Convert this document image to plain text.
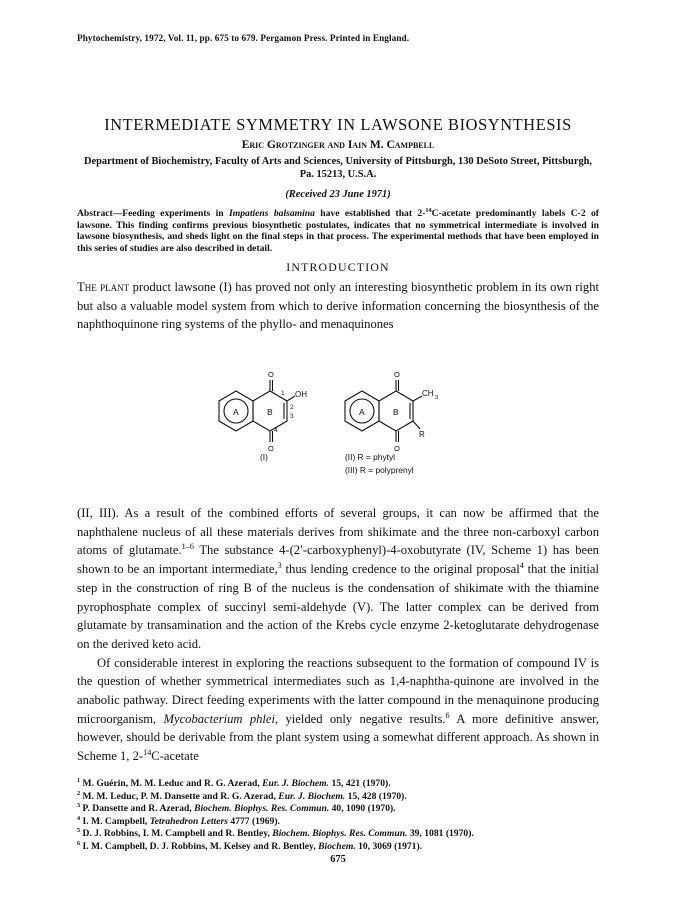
Phytochemistry, 1972, Vol. 11, pp. 675 to 679. Pergamon Press. Printed in England.
INTERMEDIATE SYMMETRY IN LAWSONE BIOSYNTHESIS
Eric Grotzinger and Iain M. Campbell
Department of Biochemistry, Faculty of Arts and Sciences, University of Pittsburgh, 130 DeSoto Street, Pittsburgh, Pa. 15213, U.S.A.
(Received 23 June 1971)
Abstract—Feeding experiments in Impatiens balsamina have established that 2-$^{14}$C-acetate predominantly labels C-2 of lawsone. This finding confirms previous biosynthetic postulates, indicates that no symmetrical intermediate is involved in lawsone biosynthesis, and sheds light on the final steps in that process. The experimental methods that have been employed in this series of studies are also described in detail.
INTRODUCTION
The plant product lawsone (I) has proved not only an interesting biosynthetic problem in its own right but also a valuable model system from which to derive information concerning the biosynthesis of the naphthoquinone ring systems of the phyllo- and menaquinones
A	B
O
O
OH
1
2
3
4
A	B
O
O
CH 3
R
(I)	(II) R = phytyl
(III) R = polyprenyl

(II, III). As a result of the combined efforts of several groups, it can now be affirmed that the naphthalene nucleus of all these materials derives from shikimate and the three non-carboxyl carbon atoms of glutamate.$^{1-6}$ The substance 4-(2′-carboxyphenyl)-4-oxobutyrate (IV, Scheme 1) has been shown to be an important intermediate,$^3$ thus lending credence to the original proposal$^4$ that the initial step in the construction of ring B of the nucleus is the condensation of shikimate with the thiamine pyrophosphate complex of succinyl semi-aldehyde (V). The latter complex can be derived from glutamate by transamination and the action of the Krebs cycle enzyme 2-ketoglutarate dehydrogenase on the derived keto acid.

Of considerable interest in exploring the reactions subsequent to the formation of compound IV is the question of whether symmetrical intermediates such as 1,4-naphtha-quinone are involved in the anabolic pathway. Direct feeding experiments with the latter compound in the menaquinone producing microorganism, Mycobacterium phlei, yielded only negative results.$^6$ A more definitive answer, however, should be derivable from the plant system using a somewhat different approach. As shown in Scheme 1, 2-$^{14}$C-acetate

$^1$ M. Guérin, M. M. Leduc and R. G. Azerad, Eur. J. Biochem. 15, 421 (1970).
$^2$ M. M. Leduc, P. M. Dansette and R. G. Azerad, Eur. J. Biochem. 15, 428 (1970).
$^3$ P. Dansette and R. Azerad, Biochem. Biophys. Res. Commun. 40, 1090 (1970).
$^4$ I. M. Campbell, Tetrahedron Letters 4777 (1969).
$^5$ D. J. Robbins, I. M. Campbell and R. Bentley, Biochem. Biophys. Res. Commun. 39, 1081 (1970).
$^6$ I. M. Campbell, D. J. Robbins, M. Kelsey and R. Bentley, Biochem. 10, 3069 (1971).
675
